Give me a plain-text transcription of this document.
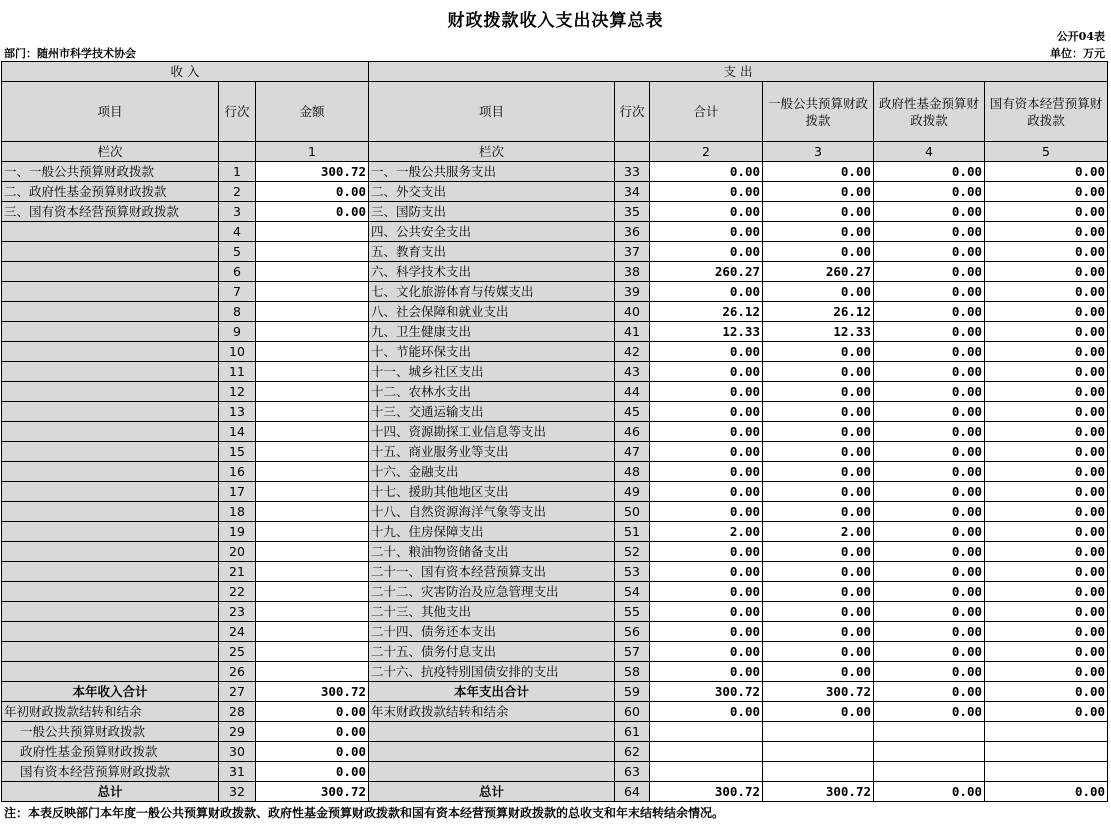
财政拨款收入支出决算总表
公开04表
部门：随州市科学技术协会	单位：万元
收 入			支 出					
项目	行次	金额	项目	行次	合计	一般公共预算财政拨款	政府性基金预算财政拨款	国有资本经营预算财政拨款
栏次		1	栏次		2	3	4	5
一、一般公共预算财政拨款	1	300.72	一、一般公共服务支出	33	0.00	0.00	0.00	0.00
二、政府性基金预算财政拨款	2	0.00	二、外交支出	34	0.00	0.00	0.00	0.00
三、国有资本经营预算财政拨款	3	0.00	三、国防支出	35	0.00	0.00	0.00	0.00
	4		四、公共安全支出	36	0.00	0.00	0.00	0.00
	5		五、教育支出	37	0.00	0.00	0.00	0.00
	6		六、科学技术支出	38	260.27	260.27	0.00	0.00
	7		七、文化旅游体育与传媒支出	39	0.00	0.00	0.00	0.00
	8		八、社会保障和就业支出	40	26.12	26.12	0.00	0.00
	9		九、卫生健康支出	41	12.33	12.33	0.00	0.00
	10		十、节能环保支出	42	0.00	0.00	0.00	0.00
	11		十一、城乡社区支出	43	0.00	0.00	0.00	0.00
	12		十二、农林水支出	44	0.00	0.00	0.00	0.00
	13		十三、交通运输支出	45	0.00	0.00	0.00	0.00
	14		十四、资源勘探工业信息等支出	46	0.00	0.00	0.00	0.00
	15		十五、商业服务业等支出	47	0.00	0.00	0.00	0.00
	16		十六、金融支出	48	0.00	0.00	0.00	0.00
	17		十七、援助其他地区支出	49	0.00	0.00	0.00	0.00
	18		十八、自然资源海洋气象等支出	50	0.00	0.00	0.00	0.00
	19		十九、住房保障支出	51	2.00	2.00	0.00	0.00
	20		二十、粮油物资储备支出	52	0.00	0.00	0.00	0.00
	21		二十一、国有资本经营预算支出	53	0.00	0.00	0.00	0.00
	22		二十二、灾害防治及应急管理支出	54	0.00	0.00	0.00	0.00
	23		二十三、其他支出	55	0.00	0.00	0.00	0.00
	24		二十四、债务还本支出	56	0.00	0.00	0.00	0.00
	25		二十五、债务付息支出	57	0.00	0.00	0.00	0.00
	26		二十六、抗疫特别国债安排的支出	58	0.00	0.00	0.00	0.00
本年收入合计	27	300.72	本年支出合计	59	300.72	300.72	0.00	0.00
年初财政拨款结转和结余	28	0.00	年末财政拨款结转和结余	60	0.00	0.00	0.00	0.00
一般公共预算财政拨款	29	0.00		61				
政府性基金预算财政拨款	30	0.00		62				
国有资本经营预算财政拨款	31	0.00		63				
总计	32	300.72	总计	64	300.72	300.72	0.00	0.00
注：本表反映部门本年度一般公共预算财政拨款、政府性基金预算财政拨款和国有资本经营预算财政拨款的总收支和年末结转结余情况。
